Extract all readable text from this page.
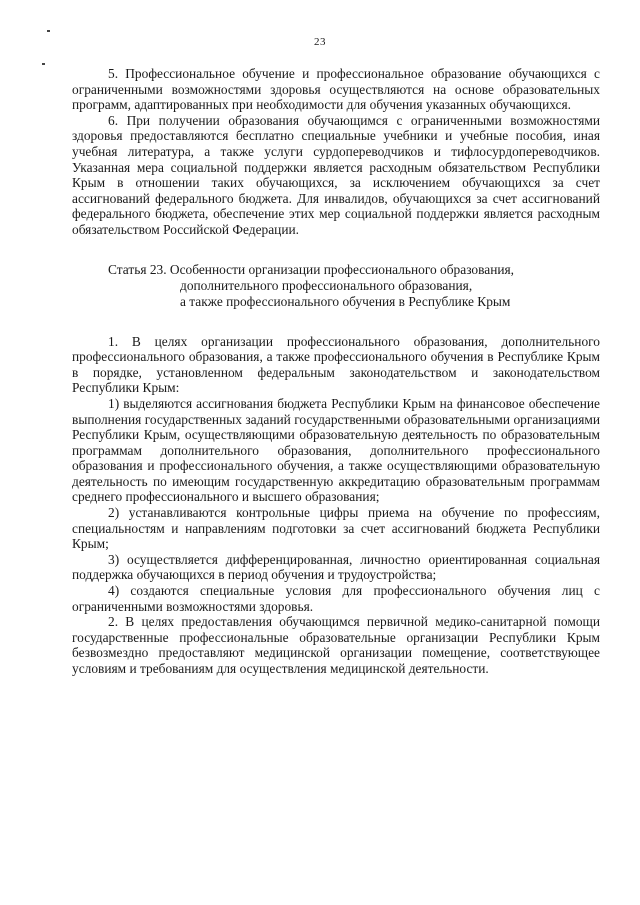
23

5. Профессиональное обучение и профессиональное образование обучающихся с ограниченными возможностями здоровья осуществляются на основе образовательных программ, адаптированных при необходимости для обучения указанных обучающихся.

6. При получении образования обучающимся с ограниченными возможностями здоровья предоставляются бесплатно специальные учебники и учебные пособия, иная учебная литература, а также услуги сурдопереводчиков и тифлосурдопереводчиков. Указанная мера социальной поддержки является расходным обязательством Республики Крым в отношении таких обучающихся, за исключением обучающихся за счет ассигнований федерального бюджета. Для инвалидов, обучающихся за счет ассигнований федерального бюджета, обеспечение этих мер социальной поддержки является расходным обязательством Российской Федерации.

Статья 23. Особенности организации профессионального образования,
дополнительного профессионального образования,
а также профессионального обучения в Республике Крым

1. В целях организации профессионального образования, дополнительного профессионального образования, а также профессионального обучения в Республике Крым в порядке, установленном федеральным законодательством и законодательством Республики Крым:

1) выделяются ассигнования бюджета Республики Крым на финансовое обеспечение выполнения государственных заданий государственными образовательными организациями Республики Крым, осуществляющими образовательную деятельность по образовательным программам дополнительного образования, дополнительного профессионального образования и профессионального обучения, а также осуществляющими образовательную деятельность по имеющим государственную аккредитацию образовательным программам среднего профессионального и высшего образования;

2) устанавливаются контрольные цифры приема на обучение по профессиям, специальностям и направлениям подготовки за счет ассигнований бюджета Республики Крым;

3) осуществляется дифференцированная, личностно ориентированная социальная поддержка обучающихся в период обучения и трудоустройства;

4) создаются специальные условия для профессионального обучения лиц с ограниченными возможностями здоровья.

2. В целях предоставления обучающимся первичной медико-санитарной помощи государственные профессиональные образовательные организации Республики Крым безвозмездно предоставляют медицинской организации помещение, соответствующее условиям и требованиям для осуществления медицинской деятельности.
